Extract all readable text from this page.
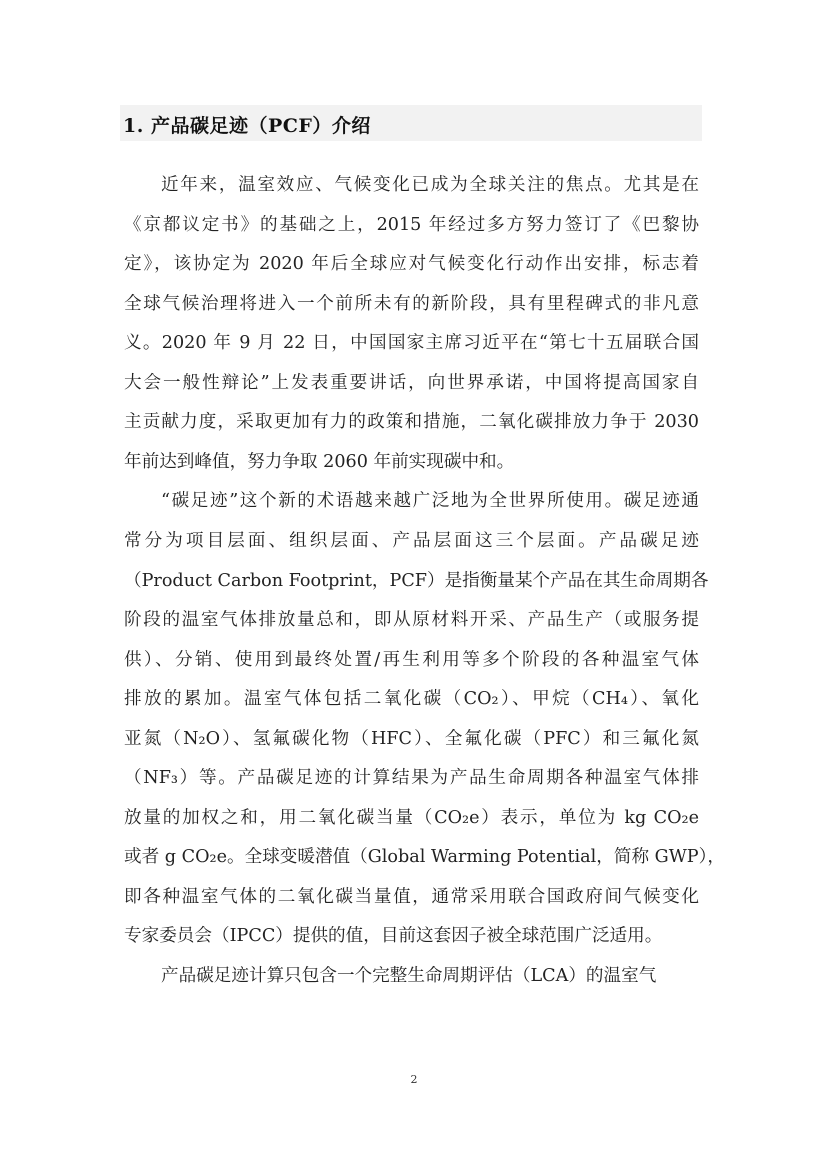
1. 产品碳足迹（PCF）介绍
近年来，温室效应、气候变化已成为全球关注的焦点。尤其是在
《京都议定书》的基础之上，2015 年经过多方努力签订了《巴黎协
定》，该协定为 2020 年后全球应对气候变化行动作出安排，标志着
全球气候治理将进入一个前所未有的新阶段，具有里程碑式的非凡意
义。2020 年 9 月 22 日，中国国家主席习近平在“第七十五届联合国
大会一般性辩论”上发表重要讲话，向世界承诺，中国将提高国家自
主贡献力度，采取更加有力的政策和措施，二氧化碳排放力争于 2030
年前达到峰值，努力争取 2060 年前实现碳中和。
“碳足迹”这个新的术语越来越广泛地为全世界所使用。碳足迹通
常分为项目层面、组织层面、产品层面这三个层面。产品碳足迹
（Product Carbon Footprint，PCF）是指衡量某个产品在其生命周期各
阶段的温室气体排放量总和，即从原材料开采、产品生产（或服务提
供）、分销、使用到最终处置/再生利用等多个阶段的各种温室气体
排放的累加。温室气体包括二氧化碳（CO₂）、甲烷（CH₄）、氧化
亚氮（N₂O）、氢氟碳化物（HFC）、全氟化碳（PFC）和三氟化氮
（NF₃）等。产品碳足迹的计算结果为产品生命周期各种温室气体排
放量的加权之和，用二氧化碳当量（CO₂e）表示，单位为 kg CO₂e
或者 g CO₂e。全球变暖潜值（Global Warming Potential，简称 GWP），
即各种温室气体的二氧化碳当量值，通常采用联合国政府间气候变化
专家委员会（IPCC）提供的值，目前这套因子被全球范围广泛适用。
产品碳足迹计算只包含一个完整生命周期评估（LCA）的温室气
2
